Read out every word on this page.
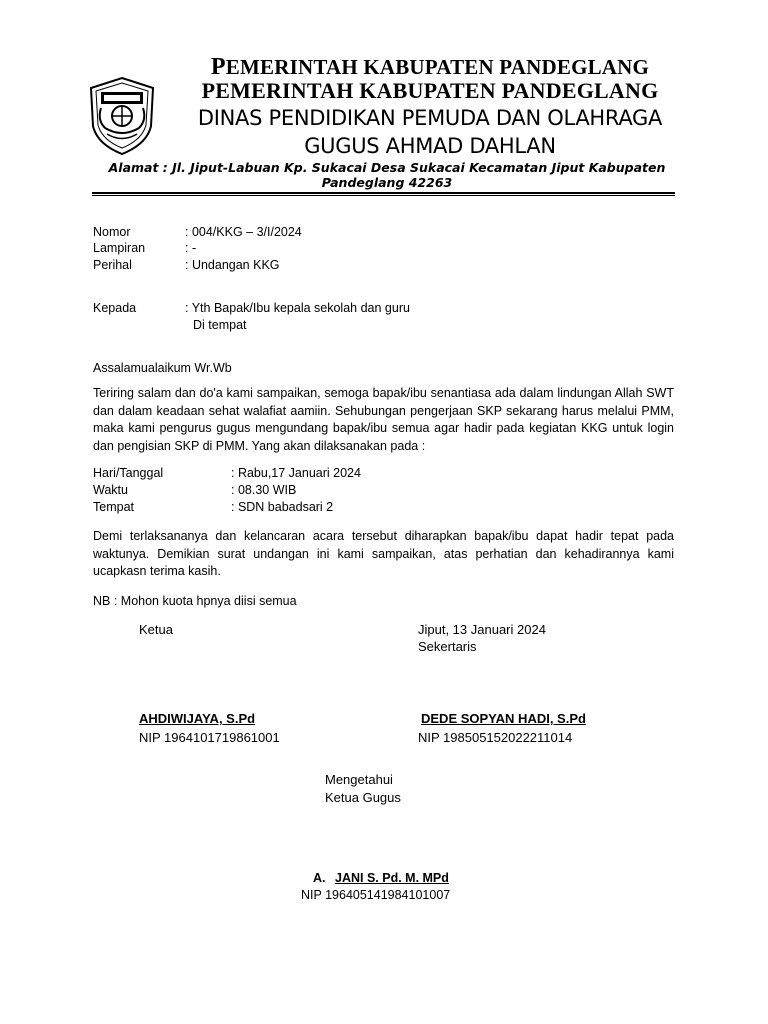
PEMERINTAH KABUPATEN PANDEGLANG
PEMERINTAH KABUPATEN PANDEGLANG
DINAS PENDIDIKAN PEMUDA DAN OLAHRAGA
GUGUS AHMAD DAHLAN
Alamat : Jl. Jiput-Labuan Kp. Sukacai Desa Sukacai Kecamatan Jiput Kabupaten
Pandeglang 42263
Nomor	: 004/KKG – 3/I/2024
Lampiran	: -
Perihal	: Undangan KKG
Kepada	: Yth Bapak/Ibu kepala sekolah dan guru
Di tempat
Assalamualaikum Wr.Wb
Teriring salam dan do'a kami sampaikan, semoga bapak/ibu senantiasa ada dalam lindungan Allah SWT dan dalam keadaan sehat walafiat aamiin. Sehubungan pengerjaan SKP sekarang harus melalui PMM, maka kami pengurus gugus mengundang bapak/ibu semua agar hadir pada kegiatan KKG untuk login dan pengisian SKP di PMM. Yang akan dilaksanakan pada :
Hari/Tanggal	: Rabu,17 Januari 2024
Waktu	: 08.30 WIB
Tempat	: SDN babadsari 2
Demi terlaksananya dan kelancaran acara tersebut diharapkan bapak/ibu dapat hadir tepat pada waktunya. Demikian surat undangan ini kami sampaikan, atas perhatian dan kehadirannya kami ucapkasn terima kasih.
NB : Mohon kuota hpnya diisi semua
Ketua	Jiput, 13 Januari 2024
Sekertaris
AHDIWIJAYA, S.Pd
NIP 1964101719861001
DEDE SOPYAN HADI, S.Pd
NIP 198505152022211014
Mengetahui
Ketua Gugus
A. JANI S. Pd. M. MPd
NIP 196405141984101007
